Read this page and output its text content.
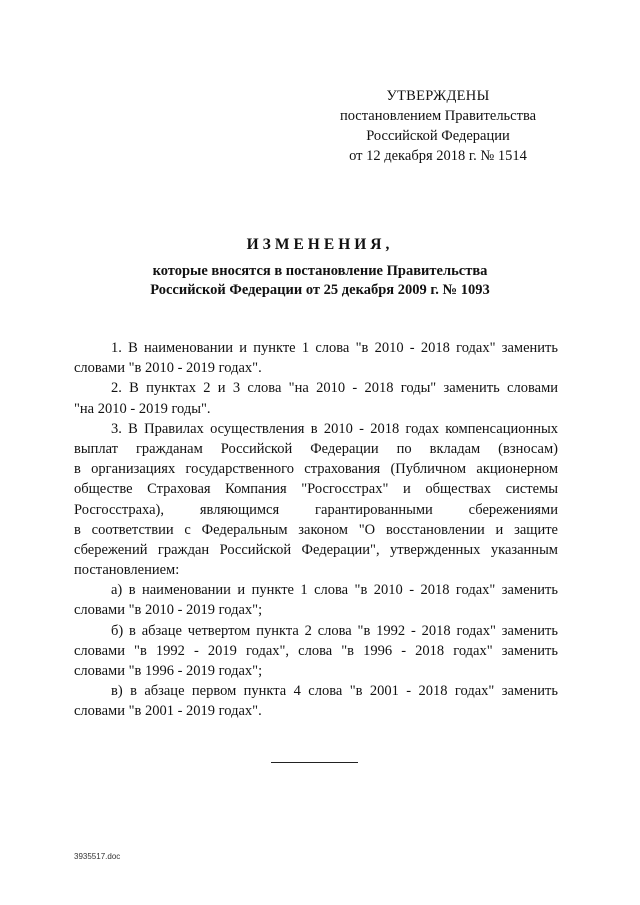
УТВЕРЖДЕНЫ
постановлением Правительства
Российской Федерации
от 12 декабря 2018 г. № 1514
ИЗМЕНЕНИЯ,
которые вносятся в постановление Правительства
Российской Федерации от 25 декабря 2009 г. № 1093
1. В наименовании и пункте 1 слова "в 2010 - 2018 годах" заменить
словами "в 2010 - 2019 годах".
2. В пунктах 2 и 3 слова "на 2010 - 2018 годы" заменить словами
"на 2010 - 2019 годы".
3. В Правилах осуществления в 2010 - 2018 годах компенсационных
выплат гражданам Российской Федерации по вкладам (взносам)
в организациях государственного страхования (Публичном акционерном
обществе Страховая Компания "Росгосстрах" и обществах системы
Росгосстраха), являющимся гарантированными сбережениями
в соответствии с Федеральным законом "О восстановлении и защите
сбережений граждан Российской Федерации", утвержденных указанным
постановлением:
а) в наименовании и пункте 1 слова "в 2010 - 2018 годах" заменить
словами "в 2010 - 2019 годах";
б) в абзаце четвертом пункта 2 слова "в 1992 - 2018 годах" заменить
словами "в 1992 - 2019 годах", слова "в 1996 - 2018 годах" заменить
словами "в 1996 - 2019 годах";
в) в абзаце первом пункта 4 слова "в 2001 - 2018 годах" заменить
словами "в 2001 - 2019 годах".
3935517.doc
